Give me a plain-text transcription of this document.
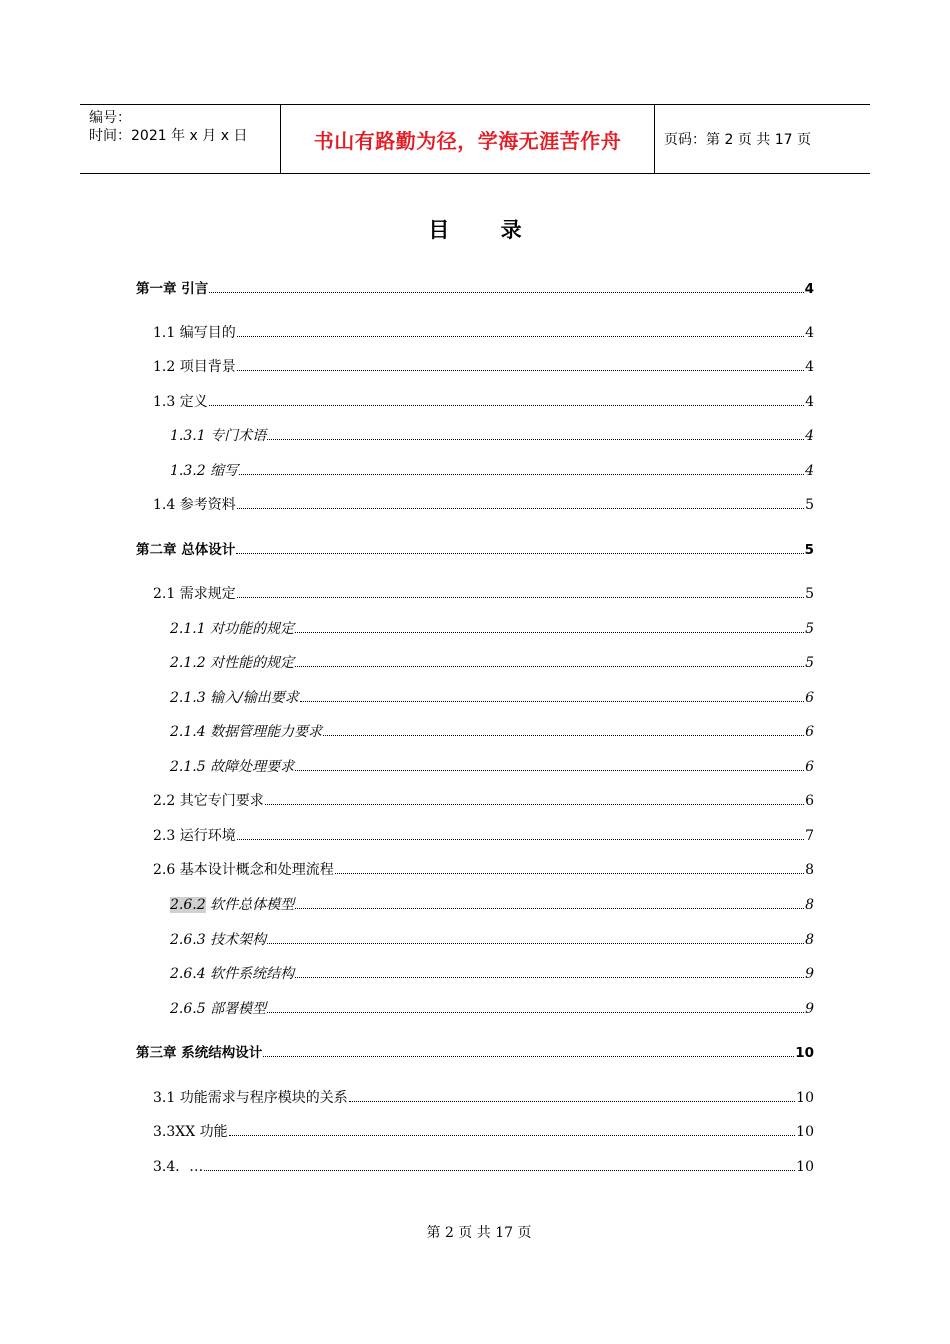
编号：
时间：2021 年 x 月 x 日	书山有路勤为径，学海无涯苦作舟	页码：第 2 页 共 17 页
目 录
第一章 引言	4
1.1 编写目的	4
1.2 项目背景	4
1.3 定义	4
1.3.1 专门术语	4
1.3.2 缩写	4
1.4 参考资料	5
第二章 总体设计	5
2.1 需求规定	5
2.1.1 对功能的规定	5
2.1.2 对性能的规定	5
2.1.3 输入/输出要求	6
2.1.4 数据管理能力要求	6
2.1.5 故障处理要求	6
2.2 其它专门要求	6
2.3 运行环境	7
2.6 基本设计概念和处理流程	8
2.6.2 软件总体模型	8
2.6.3 技术架构	8
2.6.4 软件系统结构	9
2.6.5 部署模型	9
第三章 系统结构设计	10
3.1 功能需求与程序模块的关系	10
3.3XX 功能	10
3.4．…	10
第 2 页 共 17 页
